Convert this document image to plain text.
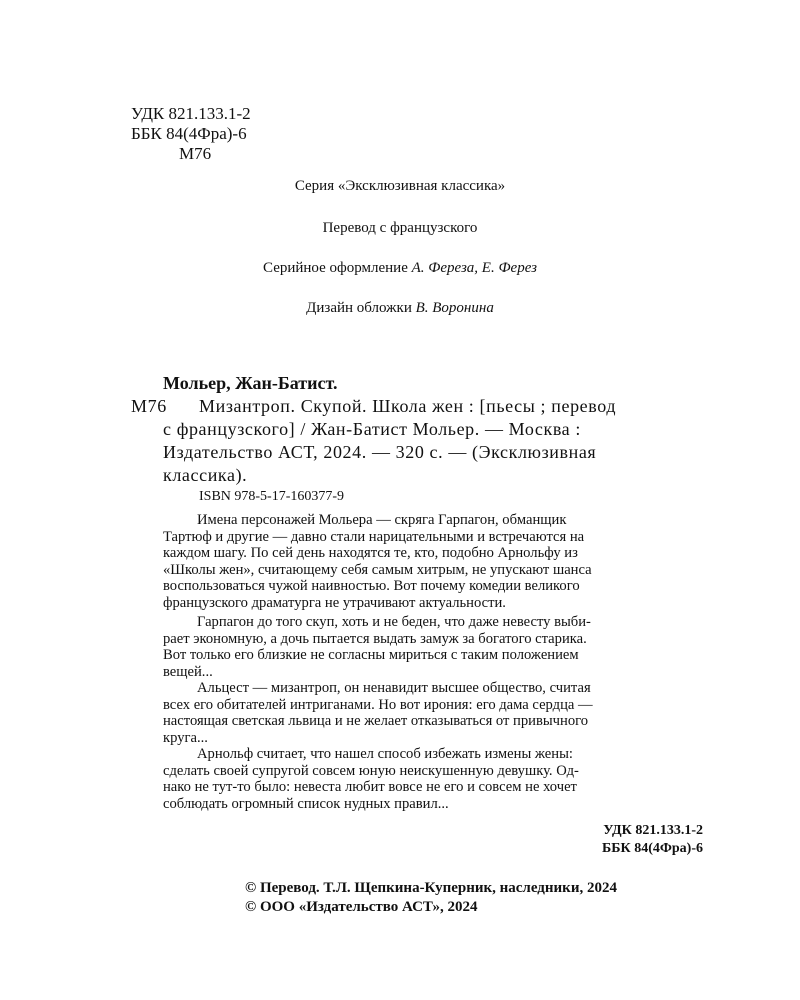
УДК 821.133.1-2
ББК 84(4Фра)-6
М76
Серия «Эксклюзивная классика»
Перевод с французского
Серийное оформление А. Фереза, Е. Ферез
Дизайн обложки В. Воронина
Мольер, Жан-Батист.
М76 Мизантроп. Скупой. Школа жен : [пьесы ; перевод
с французского] / Жан-Батист Мольер. — Москва :
Издательство АСТ, 2024. — 320 с. — (Эксклюзивная
классика).
ISBN 978-5-17-160377-9
Имена персонажей Мольера — скряга Гарпагон, обманщик
Тартюф и другие — давно стали нарицательными и встречаются на
каждом шагу. По сей день находятся те, кто, подобно Арнольфу из
«Школы жен», считающему себя самым хитрым, не упускают шанса
воспользоваться чужой наивностью. Вот почему комедии великого
французского драматурга не утрачивают актуальности.
Гарпагон до того скуп, хоть и не беден, что даже невесту выби-
рает экономную, а дочь пытается выдать замуж за богатого старика.
Вот только его близкие не согласны мириться с таким положением
вещей...
Альцест — мизантроп, он ненавидит высшее общество, считая
всех его обитателей интриганами. Но вот ирония: его дама сердца —
настоящая светская львица и не желает отказываться от привычного
круга...
Арнольф считает, что нашел способ избежать измены жены:
сделать своей супругой совсем юную неискушенную девушку. Од-
нако не тут-то было: невеста любит вовсе не его и совсем не хочет
соблюдать огромный список нудных правил...
УДК 821.133.1-2
ББК 84(4Фра)-6
© Перевод. Т.Л. Щепкина-Куперник, наследники, 2024
© ООО «Издательство АСТ», 2024
